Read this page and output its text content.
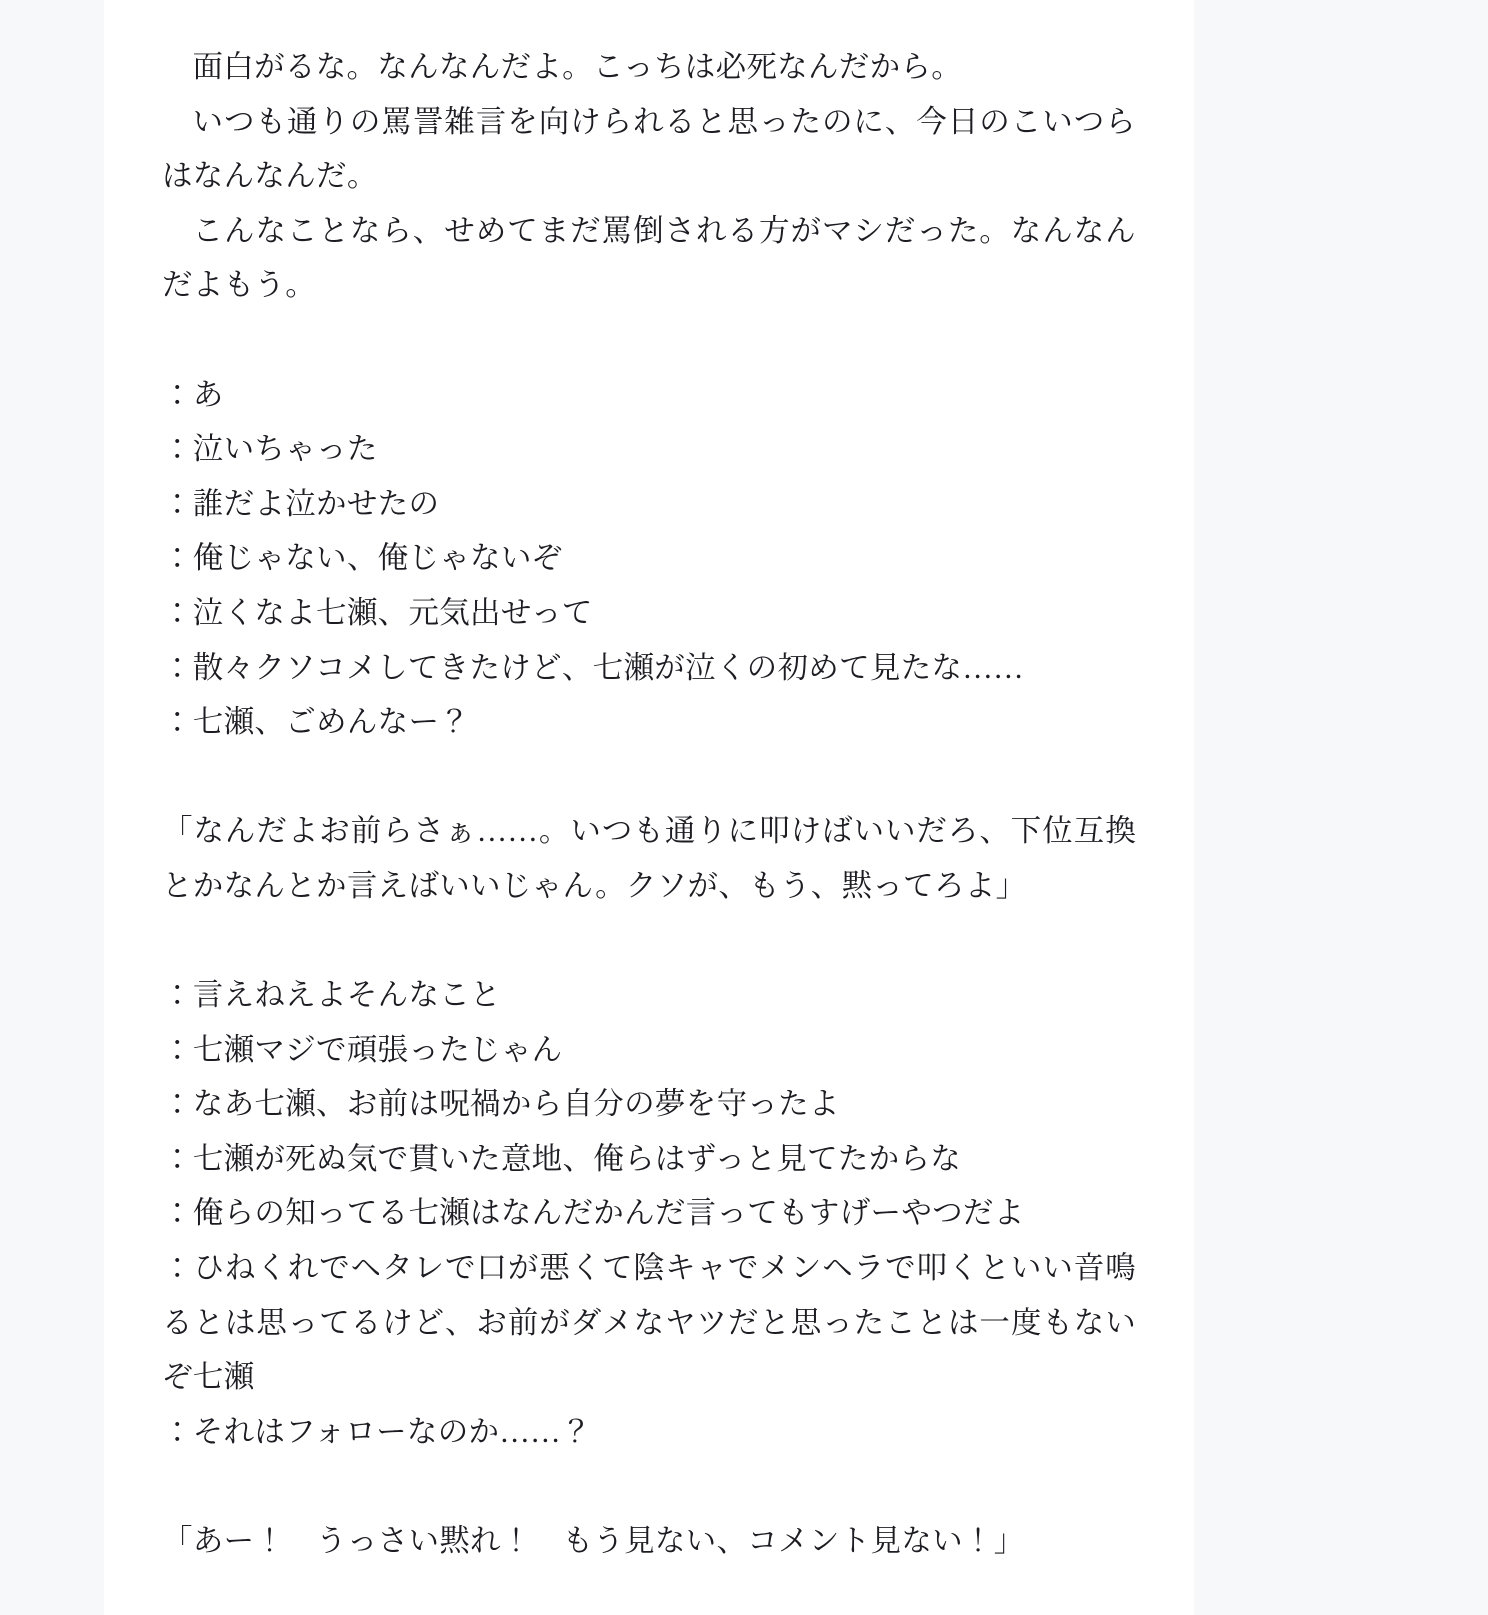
面白がるな。なんなんだよ。こっちは必死なんだから。

いつも通りの罵詈雑言を向けられると思ったのに、今日のこいつらはなんなんだ。

こんなことなら、せめてまだ罵倒される方がマシだった。なんなんだよもう。

：あ

：泣いちゃった

：誰だよ泣かせたの

：俺じゃない、俺じゃないぞ

：泣くなよ七瀬、元気出せって

：散々クソコメしてきたけど、七瀬が泣くの初めて見たな……

：七瀬、ごめんなー？

「なんだよお前らさぁ……。いつも通りに叩けばいいだろ、下位互換とかなんとか言えばいいじゃん。クソが、もう、黙ってろよ」

：言えねえよそんなこと

：七瀬マジで頑張ったじゃん

：なあ七瀬、お前は呪禍から自分の夢を守ったよ

：七瀬が死ぬ気で貫いた意地、俺らはずっと見てたからな

：俺らの知ってる七瀬はなんだかんだ言ってもすげーやつだよ

：ひねくれでヘタレで口が悪くて陰キャでメンヘラで叩くといい音鳴るとは思ってるけど、お前がダメなヤツだと思ったことは一度もないぞ七瀬

：それはフォローなのか……？

「あー！　うっさい黙れ！　もう見ない、コメント見ない！」
